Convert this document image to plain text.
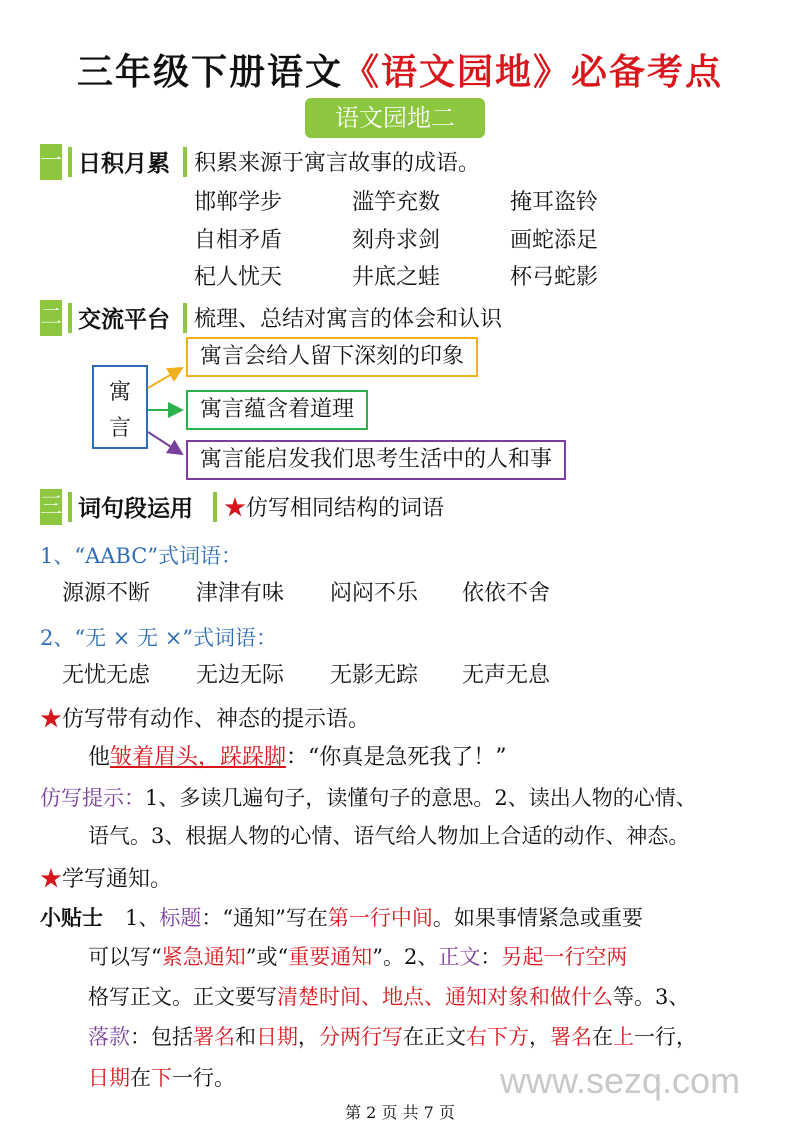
三年级下册语文《语文园地》必备考点
语文园地二
一 日积月累 积累来源于寓言故事的成语。
邯郸学步	滥竽充数	掩耳盗铃
自相矛盾	刻舟求剑	画蛇添足
杞人忧天	井底之蛙	杯弓蛇影
二 交流平台 梳理、总结对寓言的体会和认识
寓
言
寓言会给人留下深刻的印象
寓言蕴含着道理
寓言能启发我们思考生活中的人和事
三 词句段运用 ★仿写相同结构的词语
1、“AABC”式词语：
源源不断 津津有味 闷闷不乐 依依不舍
2、“无 × 无 ×”式词语：
无忧无虑 无边无际 无影无踪 无声无息
★仿写带有动作、神态的提示语。
他皱着眉头，跺跺脚：“你真是急死我了！”
仿写提示：1、多读几遍句子，读懂句子的意思。2、读出人物的心情、
语气。3、根据人物的心情、语气给人物加上合适的动作、神态。
★学写通知。
小贴士 1、标题：“通知”写在第一行中间。如果事情紧急或重要
可以写“紧急通知”或“重要通知”。2、正文：另起一行空两
格写正文。正文要写清楚时间、地点、通知对象和做什么等。3、
落款：包括署名和日期，分两行写在正文右下方，署名在上一行，
日期在下一行。	www.sezq.com
第 2 页 共 7 页
